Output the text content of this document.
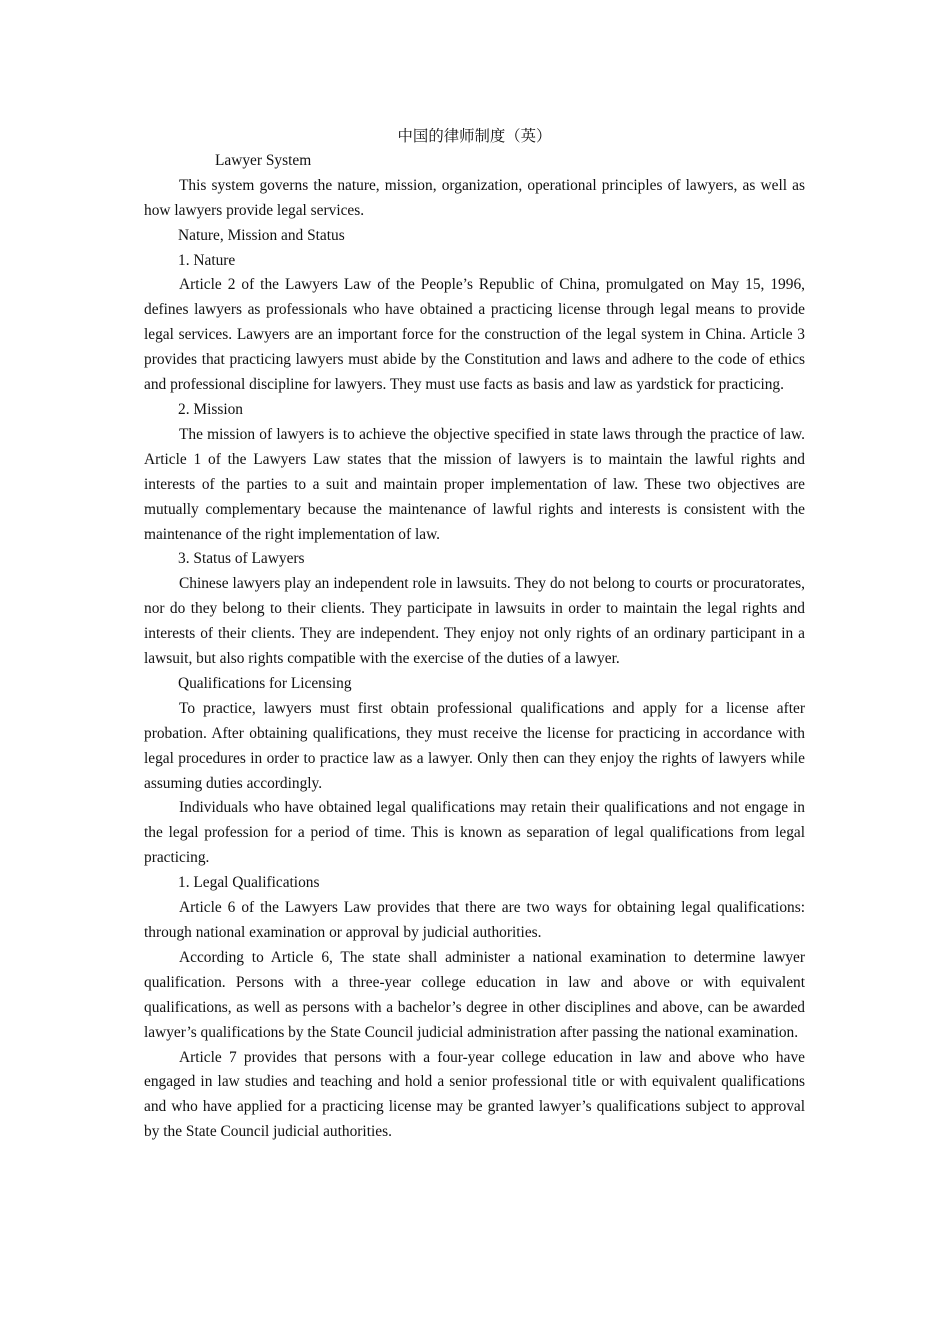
中国的律师制度（英）

Lawyer System

This system governs the nature, mission, organization, operational principles of lawyers, as well as how lawyers provide legal services.

Nature, Mission and Status

1. Nature

Article 2 of the Lawyers Law of the People’s Republic of China, promulgated on May 15, 1996, defines lawyers as professionals who have obtained a practicing license through legal means to provide legal services. Lawyers are an important force for the construction of the legal system in China. Article 3 provides that practicing lawyers must abide by the Constitution and laws and adhere to the code of ethics and professional discipline for lawyers. They must use facts as basis and law as yardstick for practicing.

2. Mission

The mission of lawyers is to achieve the objective specified in state laws through the practice of law. Article 1 of the Lawyers Law states that the mission of lawyers is to maintain the lawful rights and interests of the parties to a suit and maintain proper implementation of law. These two objectives are mutually complementary because the maintenance of lawful rights and interests is consistent with the maintenance of the right implementation of law.

3. Status of Lawyers

Chinese lawyers play an independent role in lawsuits. They do not belong to courts or procuratorates, nor do they belong to their clients. They participate in lawsuits in order to maintain the legal rights and interests of their clients. They are independent. They enjoy not only rights of an ordinary participant in a lawsuit, but also rights compatible with the exercise of the duties of a lawyer.

Qualifications for Licensing

To practice, lawyers must first obtain professional qualifications and apply for a license after probation. After obtaining qualifications, they must receive the license for practicing in accordance with legal procedures in order to practice law as a lawyer. Only then can they enjoy the rights of lawyers while assuming duties accordingly.

Individuals who have obtained legal qualifications may retain their qualifications and not engage in the legal profession for a period of time. This is known as separation of legal qualifications from legal practicing.

1. Legal Qualifications

Article 6 of the Lawyers Law provides that there are two ways for obtaining legal qualifications: through national examination or approval by judicial authorities.

According to Article 6, The state shall administer a national examination to determine lawyer qualification. Persons with a three-year college education in law and above or with equivalent qualifications, as well as persons with a bachelor’s degree in other disciplines and above, can be awarded lawyer’s qualifications by the State Council judicial administration after passing the national examination.

Article 7 provides that persons with a four-year college education in law and above who have engaged in law studies and teaching and hold a senior professional title or with equivalent qualifications and who have applied for a practicing license may be granted lawyer’s qualifications subject to approval by the State Council judicial authorities.
